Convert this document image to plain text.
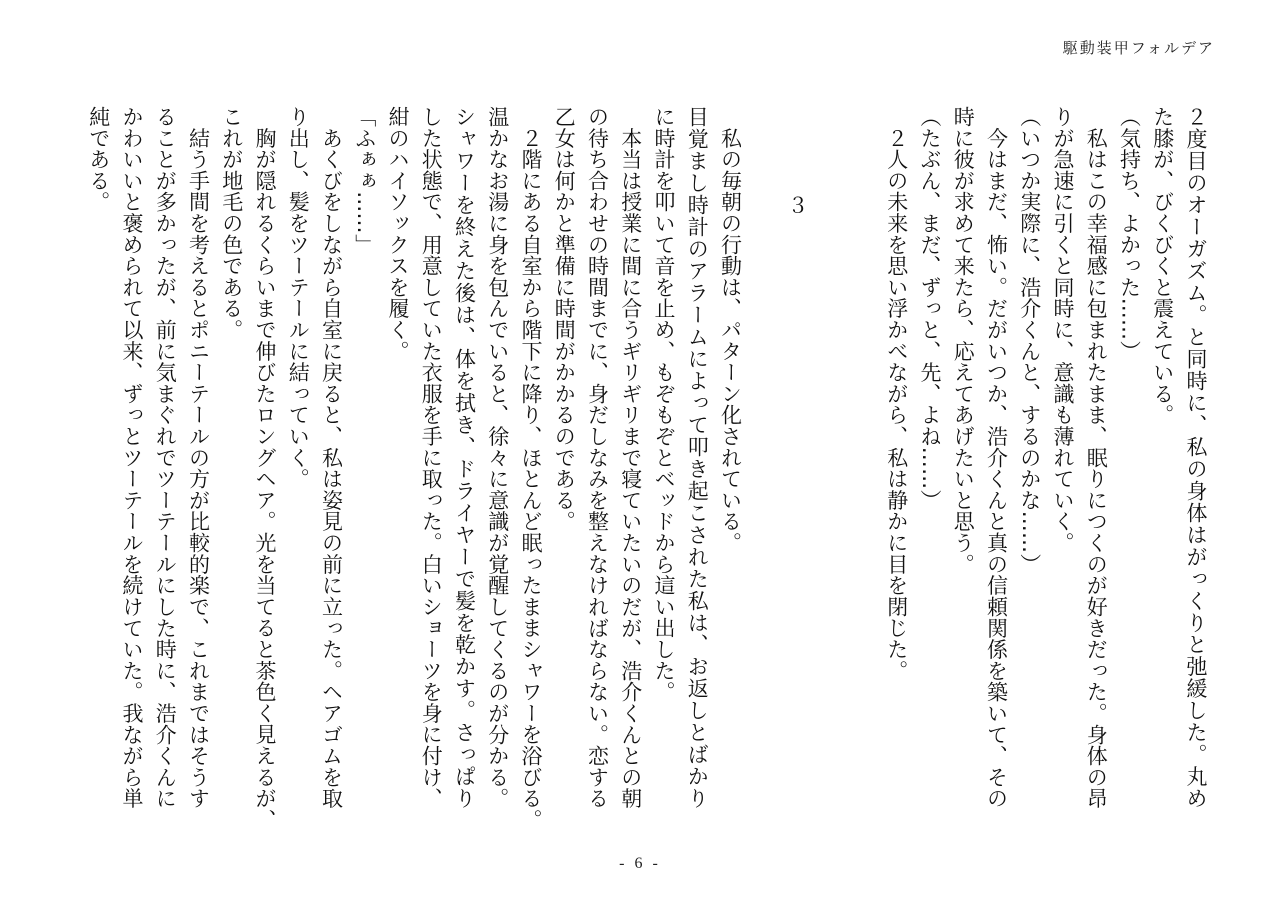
駆動装甲フォルデア
２度目のオーガズム。と同時に、私の身体はがっくりと弛緩した。丸め
た膝が、びくびくと震えている。
（気持ち、よかった……）
　私はこの幸福感に包まれたまま、眠りにつくのが好きだった。身体の昂
りが急速に引くと同時に、意識も薄れていく。
（いつか実際に、浩介くんと、するのかな……）
　今はまだ、怖い。だがいつか、浩介くんと真の信頼関係を築いて、その
時に彼が求めて来たら、応えてあげたいと思う。
（たぶん、まだ、ずっと、先、よね……）
　２人の未来を思い浮かべながら、私は静かに目を閉じた。
３
　私の毎朝の行動は、パターン化されている。
目覚まし時計のアラームによって叩き起こされた私は、お返しとばかり
に時計を叩いて音を止め、もぞもぞとベッドから這い出した。
　本当は授業に間に合うギリギリまで寝ていたいのだが、浩介くんとの朝
の待ち合わせの時間までに、身だしなみを整えなければならない。恋する
乙女は何かと準備に時間がかかるのである。
　２階にある自室から階下に降り、ほとんど眠ったままシャワーを浴びる。
温かなお湯に身を包んでいると、徐々に意識が覚醒してくるのが分かる。
シャワーを終えた後は、体を拭き、ドライヤーで髪を乾かす。さっぱり
した状態で、用意していた衣服を手に取った。白いショーツを身に付け、
紺のハイソックスを履く。
「ふぁぁ……」
　あくびをしながら自室に戻ると、私は姿見の前に立った。ヘアゴムを取
り出し、髪をツーテールに結っていく。
　胸が隠れるくらいまで伸びたロングヘア。光を当てると茶色く見えるが、
これが地毛の色である。
　結う手間を考えるとポニーテールの方が比較的楽で、これまではそうす
ることが多かったが、前に気まぐれでツーテールにした時に、浩介くんに
かわいいと褒められて以来、ずっとツーテールを続けていた。我ながら単
純である。
- 6 -
